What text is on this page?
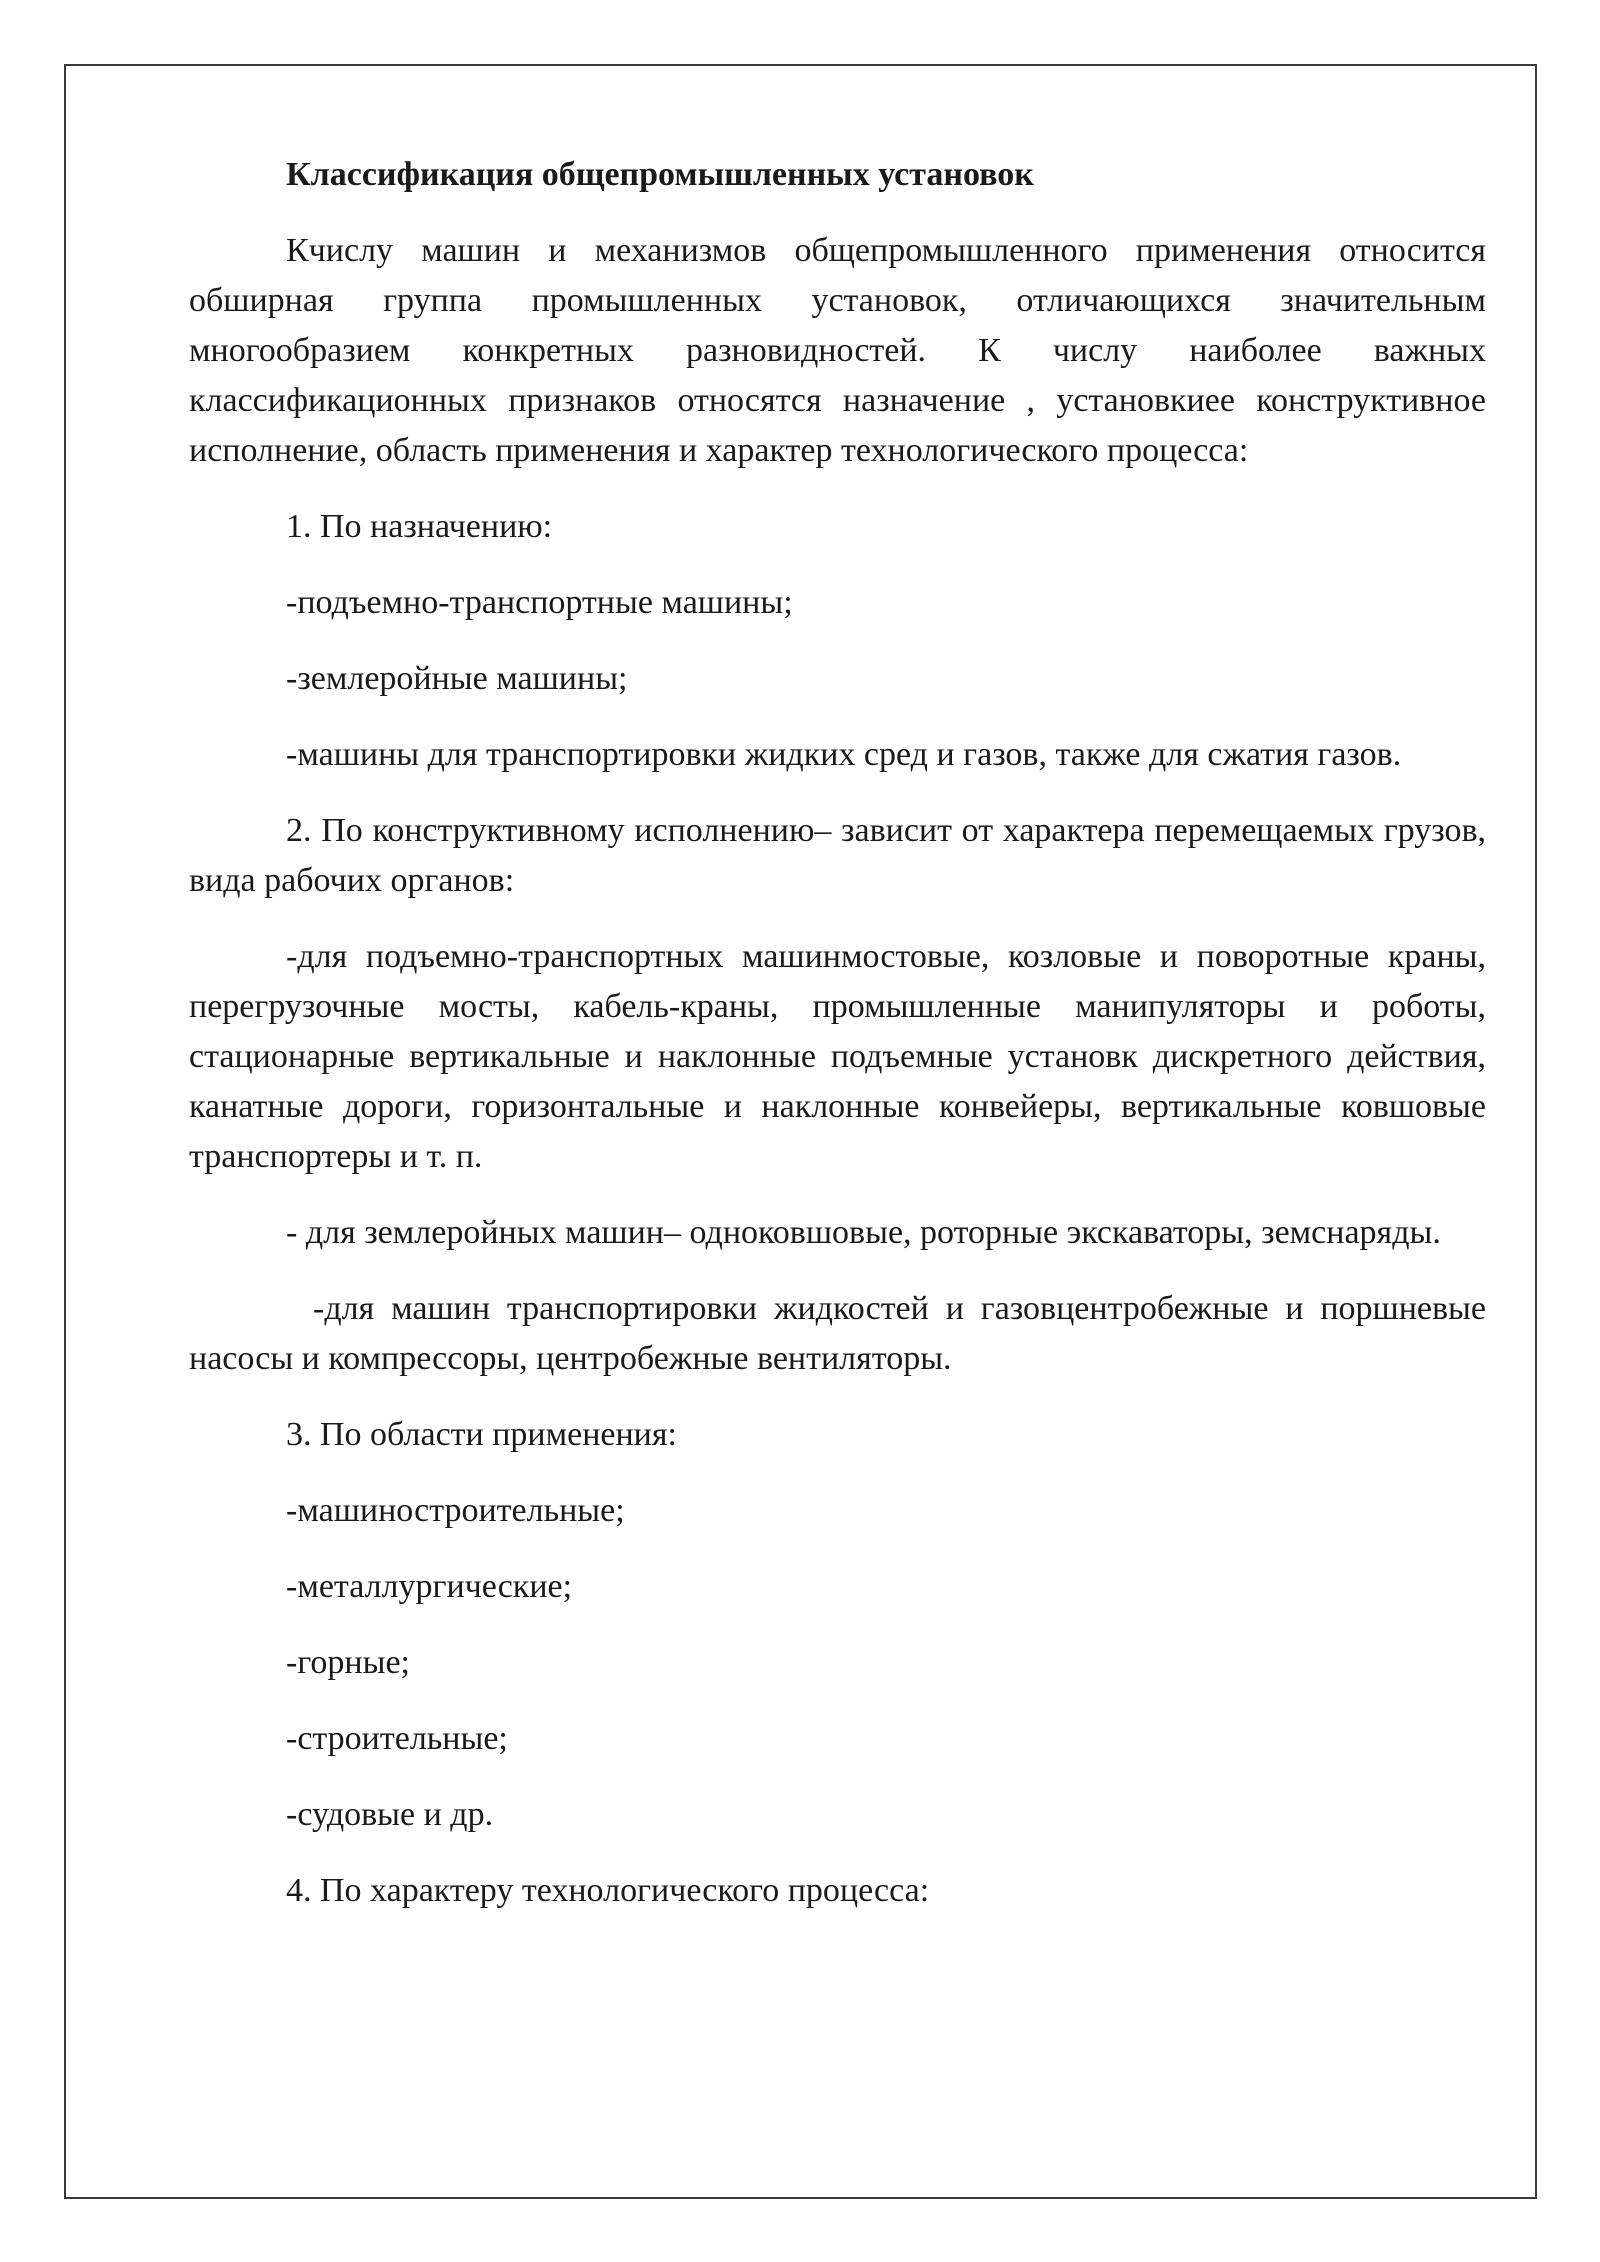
Классификация общепромышленных установок

Кчислу машин и механизмов общепромышленного применения относится обширная группа промышленных установок, отличающихся значительным многообразием конкретных разновидностей. К числу наиболее важных классификационных признаков относятся назначение , установкиее конструктивное исполнение, область применения и характер технологического процесса:

1. По назначению:

-подъемно-транспортные машины;

-землеройные машины;

-машины для транспортировки жидких сред и газов, также для сжатия газов.

2. По конструктивному исполнению– зависит от характера перемещаемых грузов, вида рабочих органов:

-для подъемно-транспортных машинмостовые, козловые и поворотные краны, перегрузочные мосты, кабель-краны, промышленные манипуляторы и роботы, стационарные вертикальные и наклонные подъемные установк дискретного действия, канатные дороги, горизонтальные и наклонные конвейеры, вертикальные ковшовые транспортеры и т. п.

- для землеройных машин– одноковшовые, роторные экскаваторы, земснаряды.

-для машин транспортировки жидкостей и газовцентробежные и поршневые насосы и компрессоры, центробежные вентиляторы.

3. По области применения:

-машиностроительные;

-металлургические;

-горные;

-строительные;

-судовые и др.

4. По характеру технологического процесса:
